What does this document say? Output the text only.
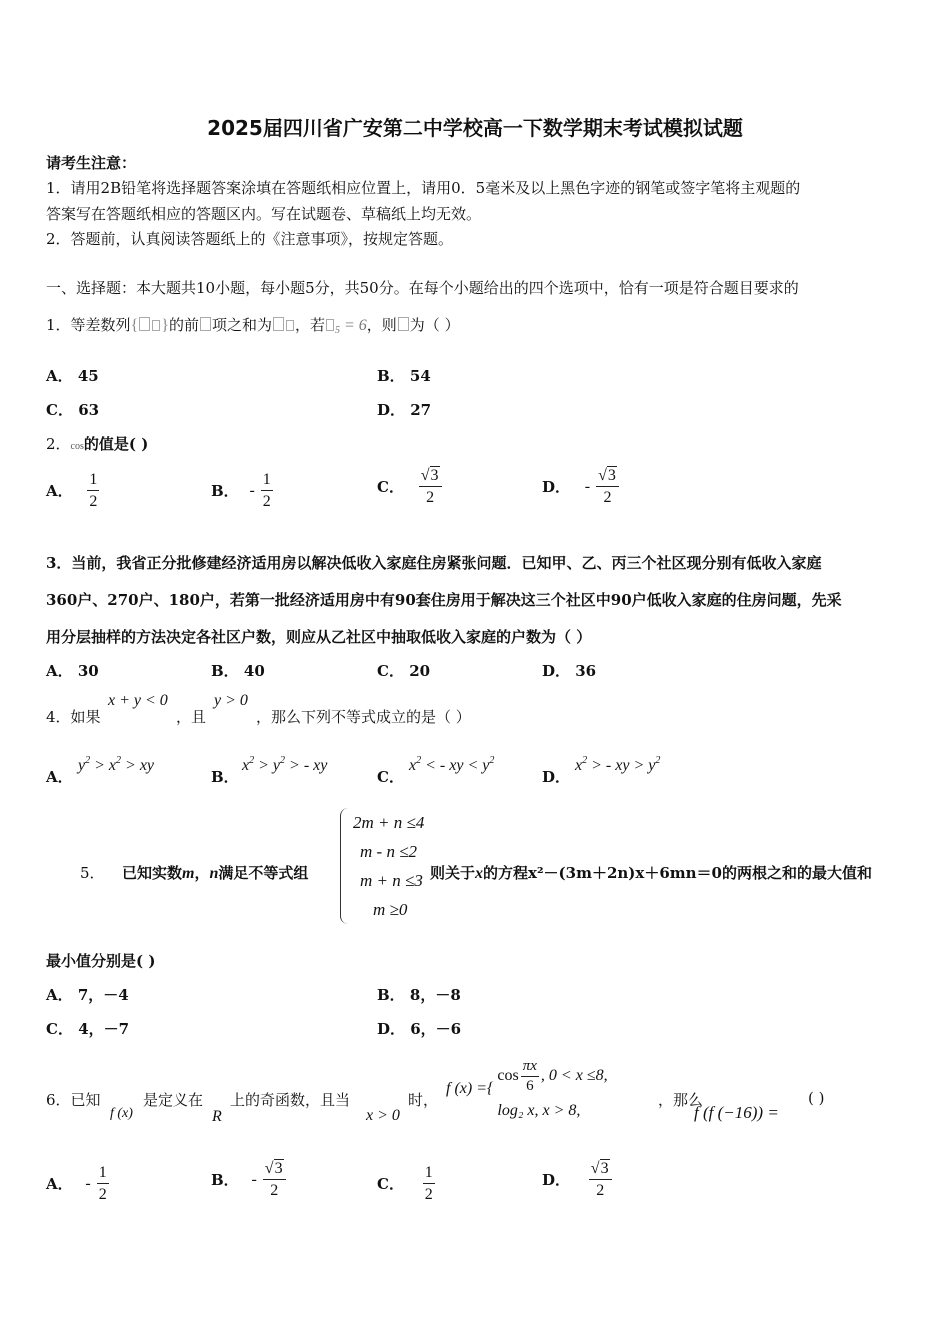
2025届四川省广安第二中学校高一下数学期末考试模拟试题
请考生注意：
1．请用2B铅笔将选择题答案涂填在答题纸相应位置上，请用0．5毫米及以上黑色字迹的钢笔或签字笔将主观题的
答案写在答题纸相应的答题区内。写在试题卷、草稿纸上均无效。
2．答题前，认真阅读答题纸上的《注意事项》，按规定答题。
一、选择题：本大题共10小题，每小题5分，共50分。在每个小题给出的四个选项中，恰有一项是符合题目要求的
1．等差数列{ }的前 项之和为 ，若 $_5$ = 6，则 为（ ）
A． 45	B． 54
C． 63	D． 27
2．cos的值是( )
A． $\frac{1}{2}$	B． - $\frac{1}{2}$	C． $\frac{√3}{2}$	D． - $\frac{√3}{2}$
3．当前，我省正分批修建经济适用房以解决低收入家庭住房紧张问题．已知甲、乙、丙三个社区现分别有低收入家庭
360户、270户、180户，若第一批经济适用房中有90套住房用于解决这三个社区中90户低收入家庭的住房问题，先采
用分层抽样的方法决定各社区户数，则应从乙社区中抽取低收入家庭的户数为（ ）
A． 30	B． 40	C． 20	D． 36
4．如果
x + y < 0
，且
y > 0
，那么下列不等式成立的是（ ）
A．
$y^2 > x^2$ > xy
B．
$x^2 > y^2$ > - xy
C．
$x^2$ < - xy < $y^2$
D．
$x^2$ > - xy > $y^2$
5． 已知实数m，n满足不等式组
2m + n ≤4
m - n ≤2
m + n ≤3
m ≥0
则关于x的方程x²－(3m＋2n)x＋6mn＝0的两根之和的最大值和
最小值分别是( )
A． 7，－4	B． 8，－8
C． 4，－7	D． 6，－6
6．已知
f (x)
是定义在
R
上的奇函数，且当
x > 0
时，
f (x) ={
$\cos \frac{\pi x}{6}$ , 0 < x ≤8,
log₂ x, x > 8,
，那么
f (f (−16)) =
( )
A． - $\frac{1}{2}$	B． - $\frac{√3}{2}$	C． $\frac{1}{2}$	D． $\frac{√3}{2}$
